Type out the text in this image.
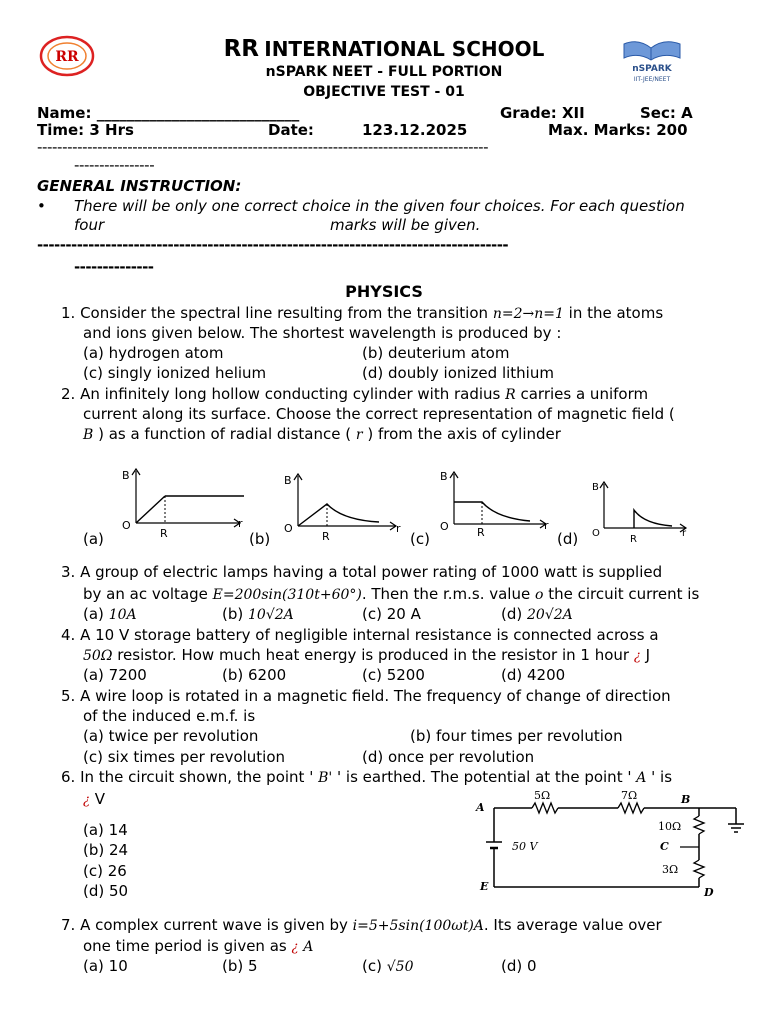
RR	RR INTERNATIONAL SCHOOL
nSPARK NEET - FULL PORTION
OBJECTIVE TEST - 01
nSPARK
IIT-JEE/NEET
Name: ___________________________	Grade: XII	Sec: A
Time: 3 Hrs	Date:	123.12.2025	Max. Marks: 200
------------------------------------------------------------------------------------------
----------------
GENERAL INSTRUCTION:
• There will be only one correct choice in the given four choices. For each question
four	marks will be given.
-----------------------------------------------------------------------------------
--------------
PHYSICS
1. Consider the spectral line resulting from the transition n=2→n=1 in the atoms
and ions given below. The shortest wavelength is produced by :
(a) hydrogen atom	(b) deuterium atom
(c) singly ionized helium	(d) doubly ionized lithium
2. An infinitely long hollow conducting cylinder with radius R carries a uniform
current along its surface. Choose the correct representation of magnetic field (
B ) as a function of radial distance ( r ) from the axis of cylinder
B
O
R
r
B
O
R
r
B
O	R
r
B
O
R
r
(a)	(b)	(c)	(d)
3. A group of electric lamps having a total power rating of 1000 watt is supplied
by an ac voltage E=200sin(310t+60°). Then the r.m.s. value o the circuit current is
(a) 10A	(b) 10√2A	(c) 20 A	(d) 20√2A
4. A 10 V storage battery of negligible internal resistance is connected across a
50Ω resistor. How much heat energy is produced in the resistor in 1 hour ¿ J
(a) 7200	(b) 6200	(c) 5200	(d) 4200
5. A wire loop is rotated in a magnetic field. The frequency of change of direction
of the induced e.m.f. is
(a) twice per revolution	(b) four times per revolution
(c) six times per revolution	(d) once per revolution
6. In the circuit shown, the point ' B' ' is earthed. The potential at the point ' A ' is
¿ V
(a) 14
(b) 24
(c) 26
(d) 50
A
B
C
D
E
5Ω	7Ω
10Ω
3Ω
50 V
7. A complex current wave is given by i=5+5sin(100ωt)A. Its average value over
one time period is given as ¿ A
(a) 10	(b) 5	(c) √50	(d) 0
